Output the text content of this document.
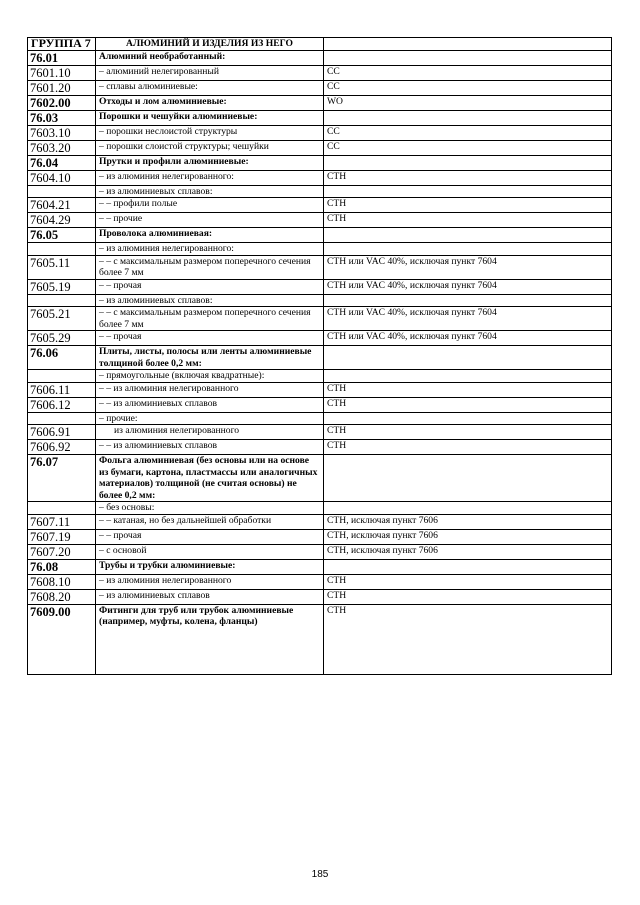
ГРУППА 7	АЛЮМИНИЙ И ИЗДЕЛИЯ ИЗ НЕГО	
76.01	Алюминий необработанный:	
7601.10	– алюминий нелегированный	CC
7601.20	– сплавы алюминиевые:	CC
7602.00	Отходы и лом алюминиевые:	WO
76.03	Порошки и чешуйки алюминиевые:	
7603.10	– порошки неслоистой структуры	CC
7603.20	– порошки слоистой структуры; чешуйки	CC
76.04	Прутки и профили алюминиевые:	
7604.10	– из алюминия нелегированного:	СТН
	– из алюминиевых сплавов:	
7604.21	– – профили полые	СТН
7604.29	– – прочие	СТН
76.05	Проволока алюминиевая:	
	– из алюминия нелегированного:	
7605.11	– – с максимальным размером поперечного сечения более 7 мм	СТН или VAC 40%, исключая пункт 7604
7605.19	– – прочая	СТН или VAC 40%, исключая пункт 7604
	– из алюминиевых сплавов:	
7605.21	– – с максимальным размером поперечного сечения более 7 мм	СТН или VAC 40%, исключая пункт 7604
7605.29	– – прочая	СТН или VAC 40%, исключая пункт 7604
76.06	Плиты, листы, полосы или ленты алюминиевые толщиной более 0,2 мм:	
	– прямоугольные (включая квадратные):	
7606.11	– – из алюминия нелегированного	СТН
7606.12	– – из алюминиевых сплавов	СТН
	– прочие:	
7606.91	из алюминия нелегированного	СТН
7606.92	– – из алюминиевых сплавов	СТН
76.07	Фольга алюминиевая (без основы или на основе из бумаги, картона, пластмассы или аналогичных материалов) толщиной (не считая основы) не более 0,2 мм:	
	– без основы:	
7607.11	– – катаная, но без дальнейшей обработки	СТН, исключая пункт 7606
7607.19	– – прочая	СТН, исключая пункт 7606
7607.20	– с основой	СТН, исключая пункт 7606
76.08	Трубы и трубки алюминиевые:	
7608.10	– из алюминия нелегированного	СТН
7608.20	– из алюминиевых сплавов	СТН
7609.00	Фитинги для труб или трубок алюминиевые (например, муфты, колена, фланцы)	СТН
185
